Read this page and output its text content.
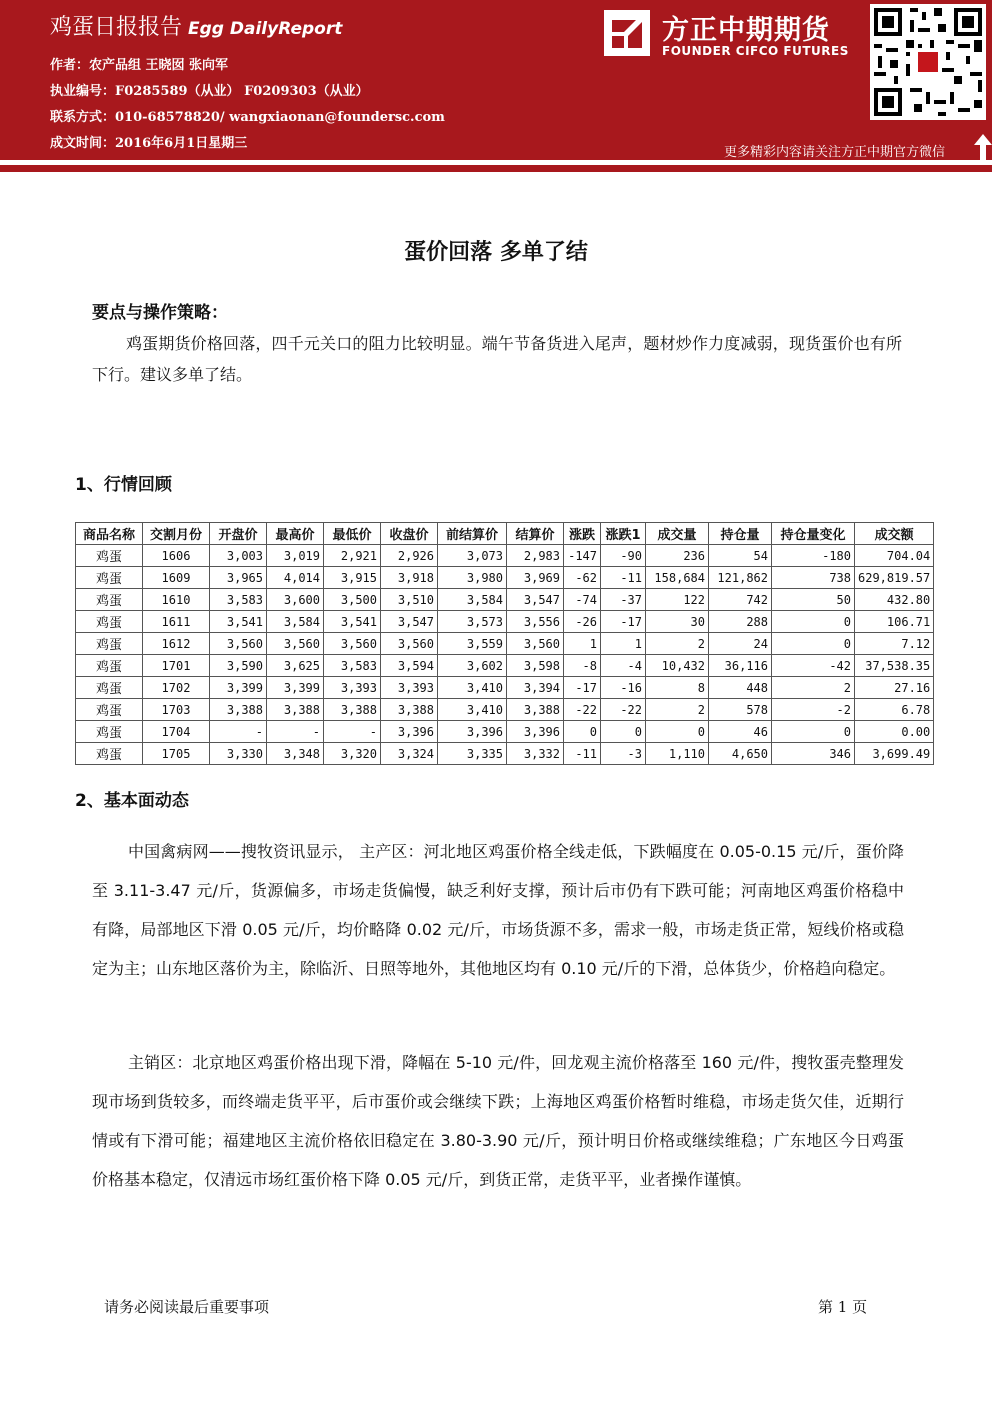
鸡蛋日报报告 Egg DailyReport
作者：农产品组 王晓囡 张向军
执业编号：F0285589（从业） F0209303（从业）
联系方式：010-68578820/ wangxiaonan@foundersc.com
成文时间：2016年6月1日星期三
方正中期期货
FOUNDER CIFCO FUTURES
更多精彩内容请关注方正中期官方微信
蛋价回落 多单了结
要点与操作策略：
鸡蛋期货价格回落，四千元关口的阻力比较明显。端午节备货进入尾声，题材炒作力度减弱，现货蛋价也有所下行。建议多单了结。
1、行情回顾
商品名称	交割月份	开盘价	最高价	最低价	收盘价	前结算价	结算价	涨跌	涨跌1	成交量	持仓量	持仓量变化	成交额
鸡蛋	1606	3,003	3,019	2,921	2,926	3,073	2,983	-147	-90	236	54	-180	704.04
鸡蛋	1609	3,965	4,014	3,915	3,918	3,980	3,969	-62	-11	158,684	121,862	738	629,819.57
鸡蛋	1610	3,583	3,600	3,500	3,510	3,584	3,547	-74	-37	122	742	50	432.80
鸡蛋	1611	3,541	3,584	3,541	3,547	3,573	3,556	-26	-17	30	288	0	106.71
鸡蛋	1612	3,560	3,560	3,560	3,560	3,559	3,560	1	1	2	24	0	7.12
鸡蛋	1701	3,590	3,625	3,583	3,594	3,602	3,598	-8	-4	10,432	36,116	-42	37,538.35
鸡蛋	1702	3,399	3,399	3,393	3,393	3,410	3,394	-17	-16	8	448	2	27.16
鸡蛋	1703	3,388	3,388	3,388	3,388	3,410	3,388	-22	-22	2	578	-2	6.78
鸡蛋	1704	-	-	-	3,396	3,396	3,396	0	0	0	46	0	0.00
鸡蛋	1705	3,330	3,348	3,320	3,324	3,335	3,332	-11	-3	1,110	4,650	346	3,699.49
2、基本面动态
中国禽病网——搜牧资讯显示， 主产区：河北地区鸡蛋价格全线走低，下跌幅度在 0.05-0.15 元/斤，蛋价降至 3.11-3.47 元/斤，货源偏多，市场走货偏慢，缺乏利好支撑，预计后市仍有下跌可能；河南地区鸡蛋价格稳中有降，局部地区下滑 0.05 元/斤，均价略降 0.02 元/斤，市场货源不多，需求一般，市场走货正常，短线价格或稳定为主；山东地区落价为主，除临沂、日照等地外，其他地区均有 0.10 元/斤的下滑，总体货少，价格趋向稳定。
主销区：北京地区鸡蛋价格出现下滑，降幅在 5-10 元/件，回龙观主流价格落至 160 元/件，搜牧蛋壳整理发现市场到货较多，而终端走货平平，后市蛋价或会继续下跌；上海地区鸡蛋价格暂时维稳，市场走货欠佳，近期行情或有下滑可能；福建地区主流价格依旧稳定在 3.80-3.90 元/斤，预计明日价格或继续维稳；广东地区今日鸡蛋价格基本稳定，仅清远市场红蛋价格下降 0.05 元/斤，到货正常，走货平平，业者操作谨慎。
请务必阅读最后重要事项	第 1 页
